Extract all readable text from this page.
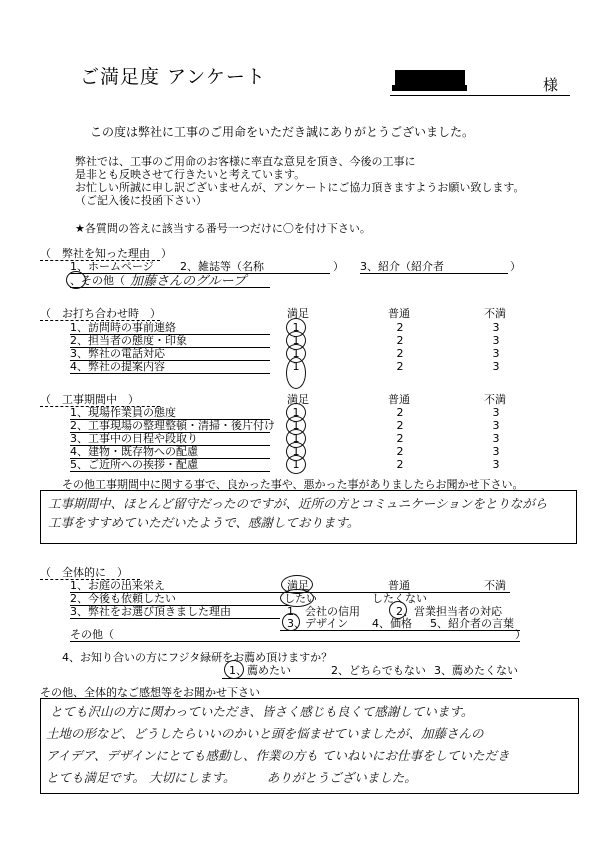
ご満足度 アンケート	様
この度は弊社に工事のご用命をいただき誠にありがとうございました。
弊社では、工事のご用命のお客様に率直な意見を頂き、今後の工事に
是非とも反映させて行きたいと考えています。
お忙しい所誠に申し訳ございませんが、アンケートにご協力頂きますようお願い致します。
（ご記入後に投函下さい）
★各質問の答えに該当する番号一つだけに〇を付け下さい。
（　弊社を知った理由　）
1、ホームページ	2、雑誌等（名称	） 3、紹介（紹介者	）
、その他（ 加藤さんのグループ
（　お打ち合わせ時　）	満足	普通	不満
1、訪問時の事前連絡	1	2	3
2、担当者の態度・印象	1	2	3
3、弊社の電話対応	1	2	3
4、弊社の提案内容	1	2	3
（　工事期間中　）	満足	普通	不満
1、現場作業員の態度	1	2	3
2、工事現場の整理整頓・清掃・後片付け	1	2	3
3、工事中の日程や段取り	1	2	3
4、建物・既存物への配慮	1	2	3
5、ご近所への挨拶・配慮	1	2	3
その他工事期間中に関する事で、良かった事や、悪かった事がありましたらお聞かせ下さい。
工事期間中、ほとんど留守だったのですが、近所の方とコミュニケーションをとりながら
工事をすすめていただいたようで、感謝しております。
（　全体的に　）
1、お庭の出来栄え	満足	普通	不満
2、今後も依頼したい	したい	したくない
3、弊社をお選び頂きました理由	1、会社の信用	2、営業担当者の対応
3、デザイン 4、価格 5、紹介者の言葉
その他（	）
4、お知り合いの方にフジタ緑研をお薦め頂けますか？
1、薦めたい	2、どちらでもない 3、薦めたくない
その他、全体的なご感想等をお聞かせ下さい
とても沢山の方に関わっていただき、皆さく感じも良くて感謝しています。
土地の形など、どうしたらいいのかいと頭を悩ませていましたが、加藤さんの
アイデア、デザインにとても感動し、作業の方も ていねいにお仕事をしていただき
とても満足です。 大切にします。　　　ありがとうございました。
